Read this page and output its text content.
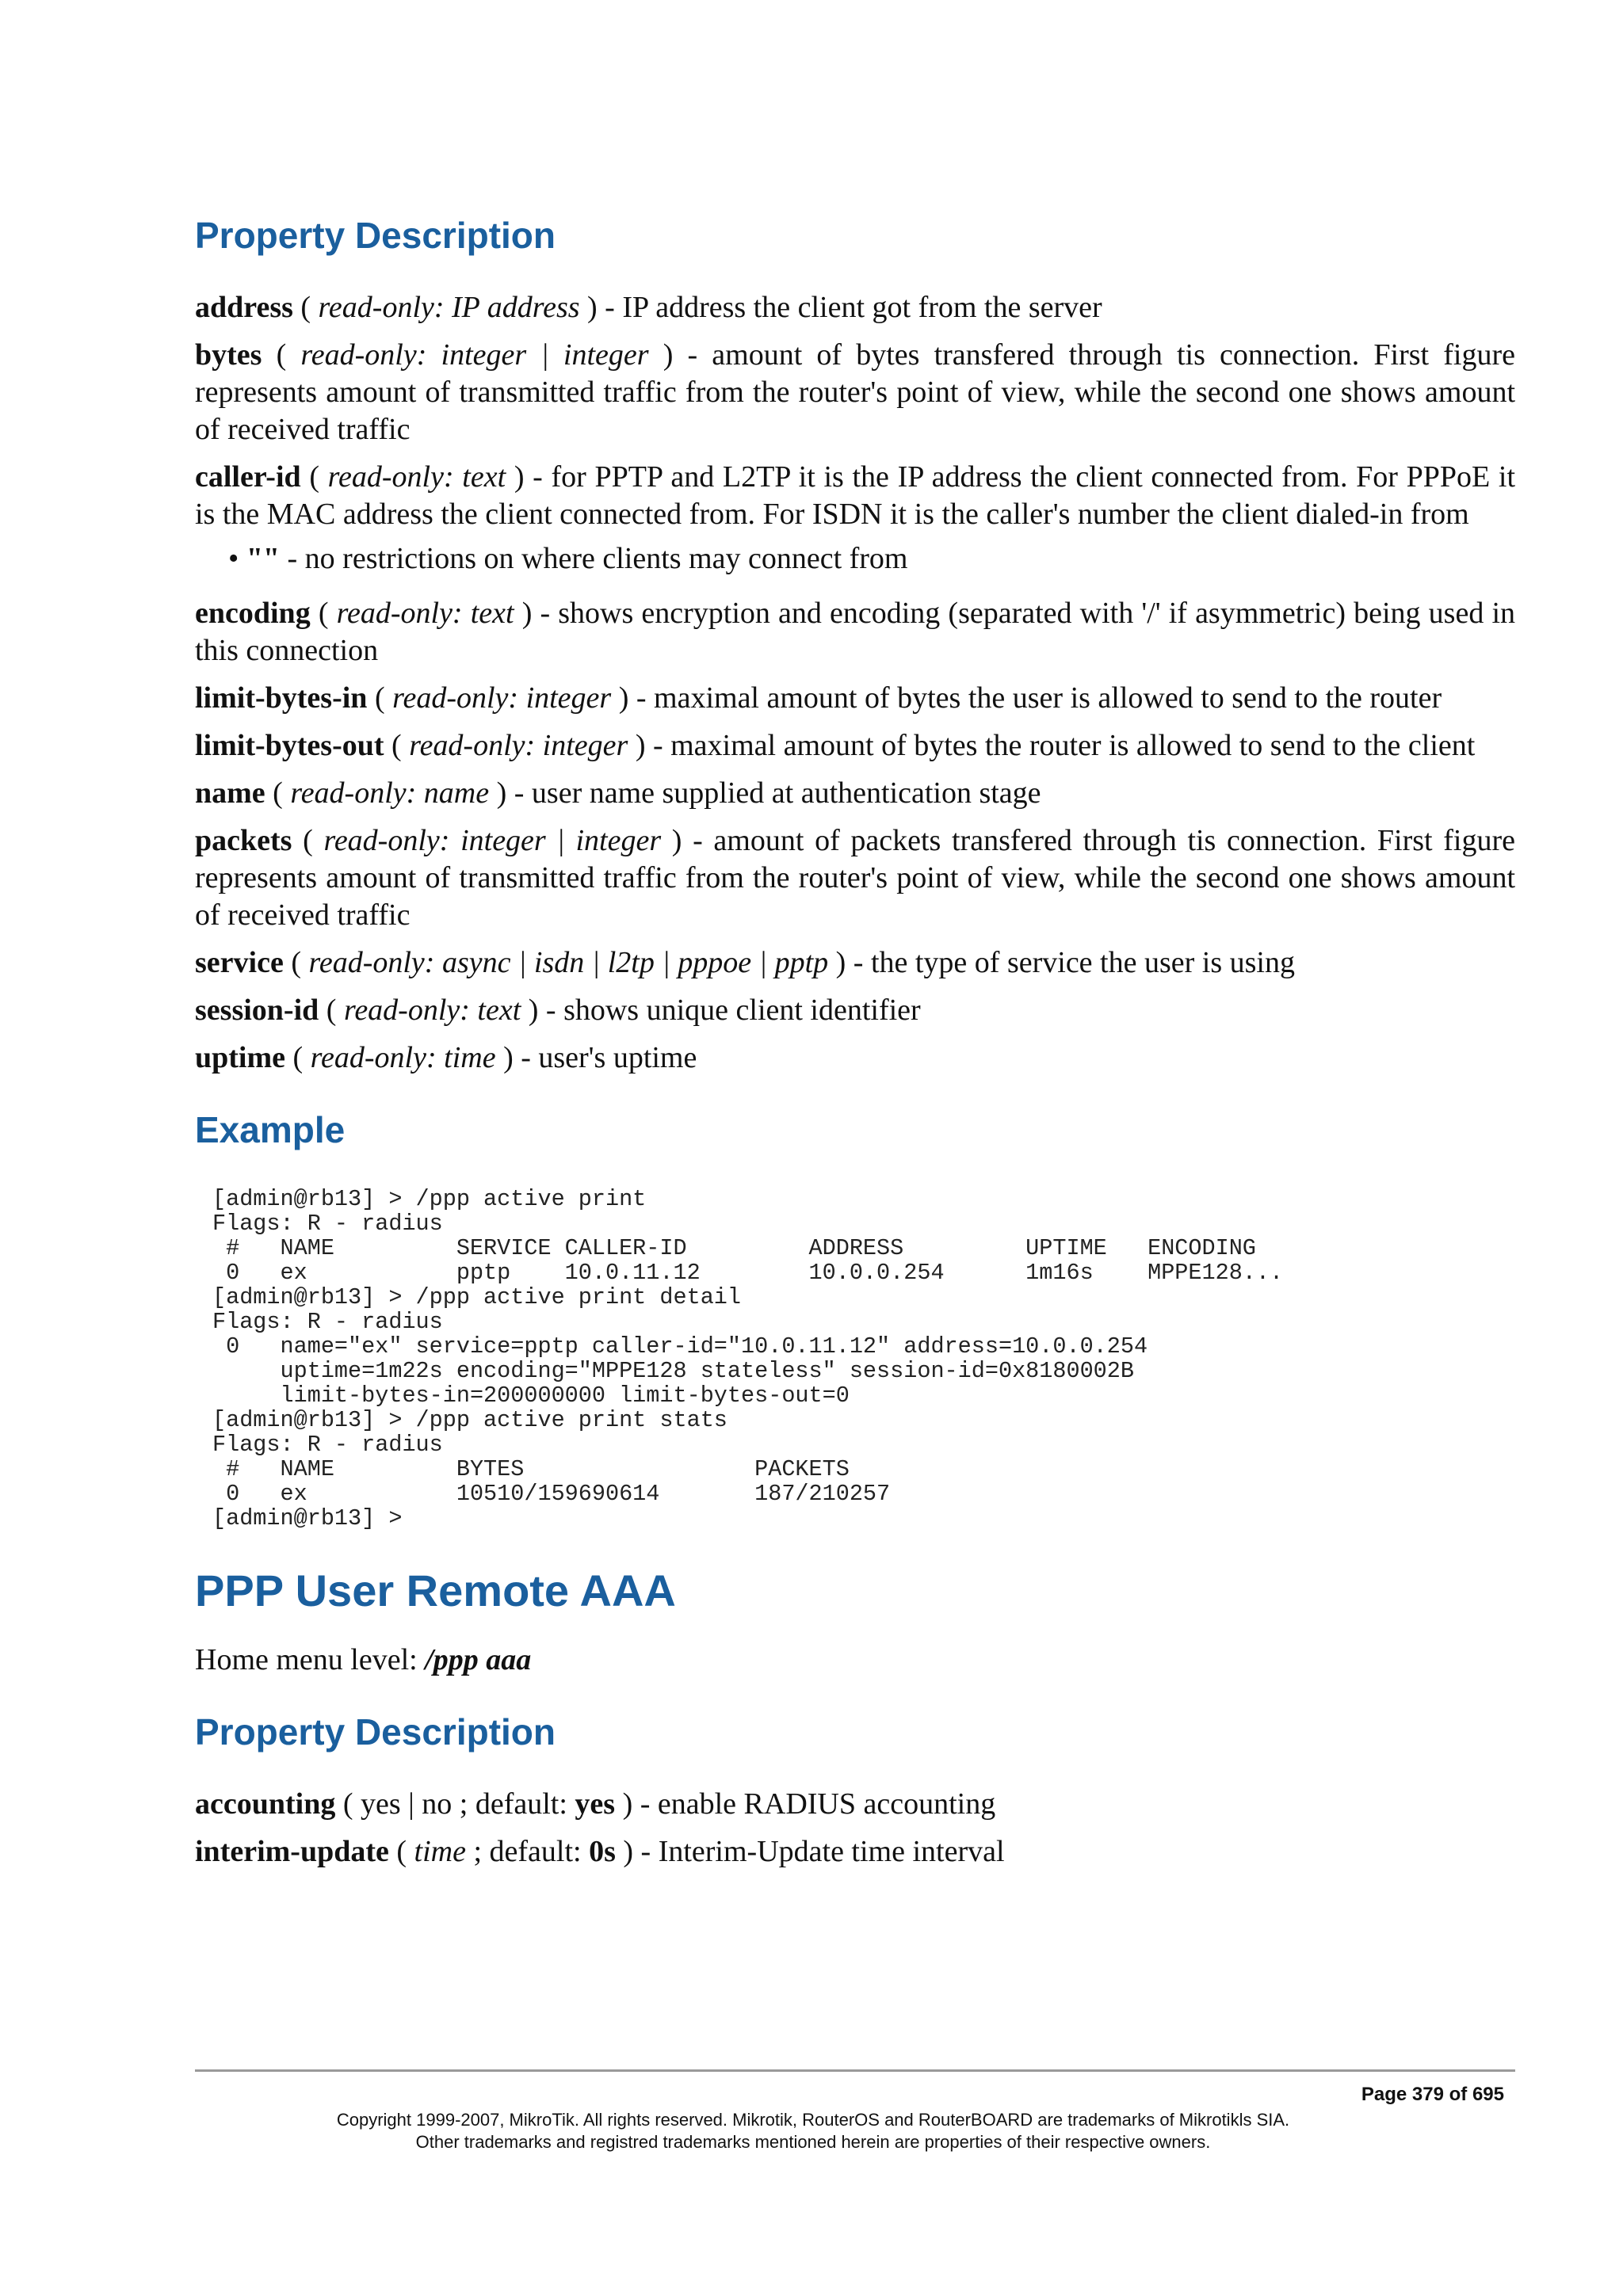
Property Description

address ( read-only: IP address ) - IP address the client got from the server

bytes ( read-only: integer | integer ) - amount of bytes transfered through tis connection. First figure represents amount of transmitted traffic from the router's point of view, while the second one shows amount of received traffic

caller-id ( read-only: text ) - for PPTP and L2TP it is the IP address the client connected from. For PPPoE it is the MAC address the client connected from. For ISDN it is the caller's number the client dialed-in from

• "" - no restrictions on where clients may connect from

encoding ( read-only: text ) - shows encryption and encoding (separated with '/' if asymmetric) being used in this connection

limit-bytes-in ( read-only: integer ) - maximal amount of bytes the user is allowed to send to the router

limit-bytes-out ( read-only: integer ) - maximal amount of bytes the router is allowed to send to the client

name ( read-only: name ) - user name supplied at authentication stage

packets ( read-only: integer | integer ) - amount of packets transfered through tis connection. First figure represents amount of transmitted traffic from the router's point of view, while the second one shows amount of received traffic

service ( read-only: async | isdn | l2tp | pppoe | pptp ) - the type of service the user is using

session-id ( read-only: text ) - shows unique client identifier

uptime ( read-only: time ) - user's uptime

Example
[admin@rb13] > /ppp active print
Flags: R - radius
#   NAME         SERVICE CALLER-ID         ADDRESS         UPTIME   ENCODING
0   ex           pptp    10.0.11.12        10.0.0.254      1m16s    MPPE128...
[admin@rb13] > /ppp active print detail
Flags: R - radius
0   name="ex" service=pptp caller-id="10.0.11.12" address=10.0.0.254
uptime=1m22s encoding="MPPE128 stateless" session-id=0x8180002B
limit-bytes-in=200000000 limit-bytes-out=0
[admin@rb13] > /ppp active print stats
Flags: R - radius
#   NAME         BYTES                 PACKETS
0   ex           10510/159690614       187/210257
[admin@rb13] >
PPP User Remote AAA

Home menu level: /ppp aaa

Property Description

accounting ( yes | no ; default: yes ) - enable RADIUS accounting

interim-update ( time ; default: 0s ) - Interim-Update time interval

Page 379 of 695
Copyright 1999-2007, MikroTik. All rights reserved. Mikrotik, RouterOS and RouterBOARD are trademarks of Mikrotikls SIA.
Other trademarks and registred trademarks mentioned herein are properties of their respective owners.
